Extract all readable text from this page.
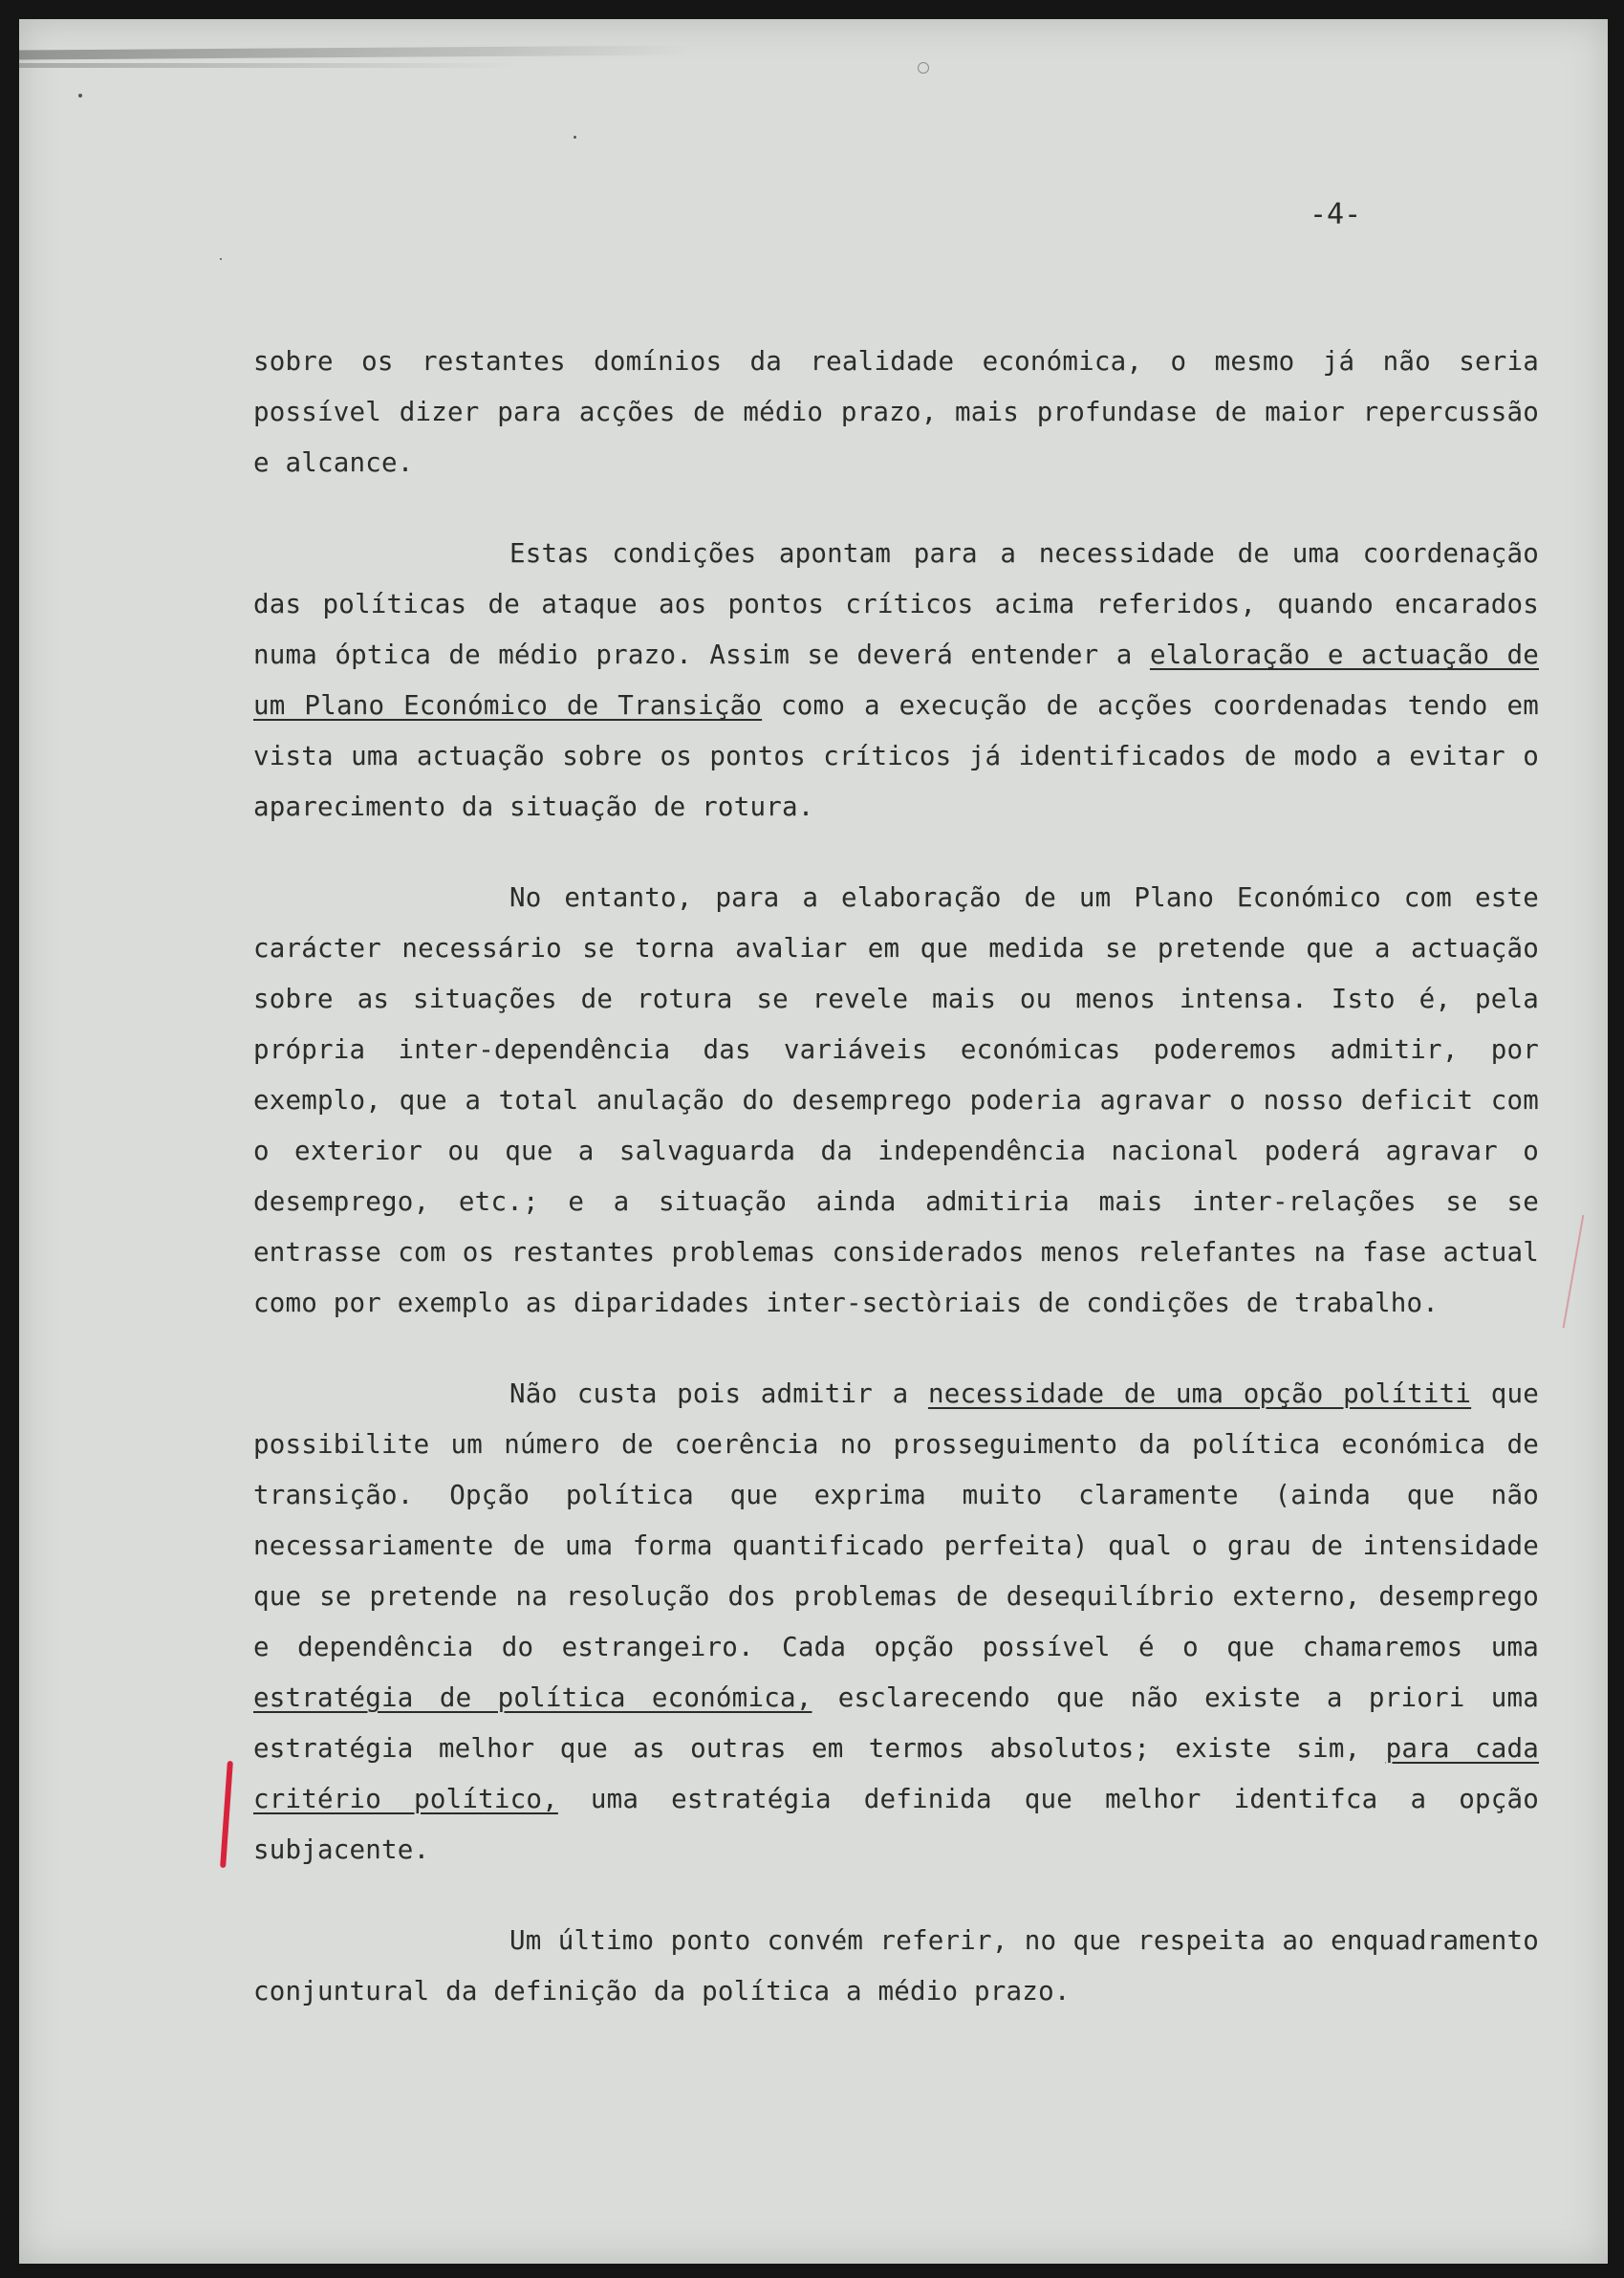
-4-

sobre os restantes domínios da realidade económica, o mesmo já não seria possível dizer para acções de médio prazo, mais profundase de maior repercussão e alcance.

Estas condições apontam para a necessidade de uma coordenação das políticas de ataque aos pontos críticos acima referidos, quando encarados numa óptica de médio prazo. Assim se deverá entender a elaloração e actuação de um Plano Económico de Transição como a execução de acções coordenadas tendo em vista uma actuação sobre os pontos críticos já identificados de modo a evitar o aparecimento da situação de rotura.

No entanto, para a elaboração de um Plano Económico com este carácter necessário se torna avaliar em que medida se pretende que a actuação sobre as situações de rotura se revele mais ou menos intensa. Isto é, pela própria inter-dependência das variáveis económicas poderemos admitir, por exemplo, que a total anulação do desemprego poderia agravar o nosso deficit com o exterior ou que a salvaguarda da independência nacional poderá agravar o desemprego, etc.; e a situação ainda admitiria mais inter-relações se se entrasse com os restantes problemas considerados menos relefantes na fase actual como por exemplo as diparidades inter-sectòriais de condições de trabalho.

Não custa pois admitir a necessidade de uma opção polítiti que possibilite um número de coerência no prosseguimento da política económica de transição. Opção política que exprima muito claramente (ainda que não necessariamente de uma forma quantificado perfeita) qual o grau de intensidade que se pretende na resolução dos problemas de desequilíbrio externo, desemprego e dependência do estrangeiro. Cada opção possível é o que chamaremos uma estratégia de política económica, esclarecendo que não existe a priori uma estratégia melhor que as outras em termos absolutos; existe sim, para cada critério político, uma estratégia definida que melhor identifca a opção subjacente.

Um último ponto convém referir, no que respeita ao enquadramento conjuntural da definição da política a médio prazo.
